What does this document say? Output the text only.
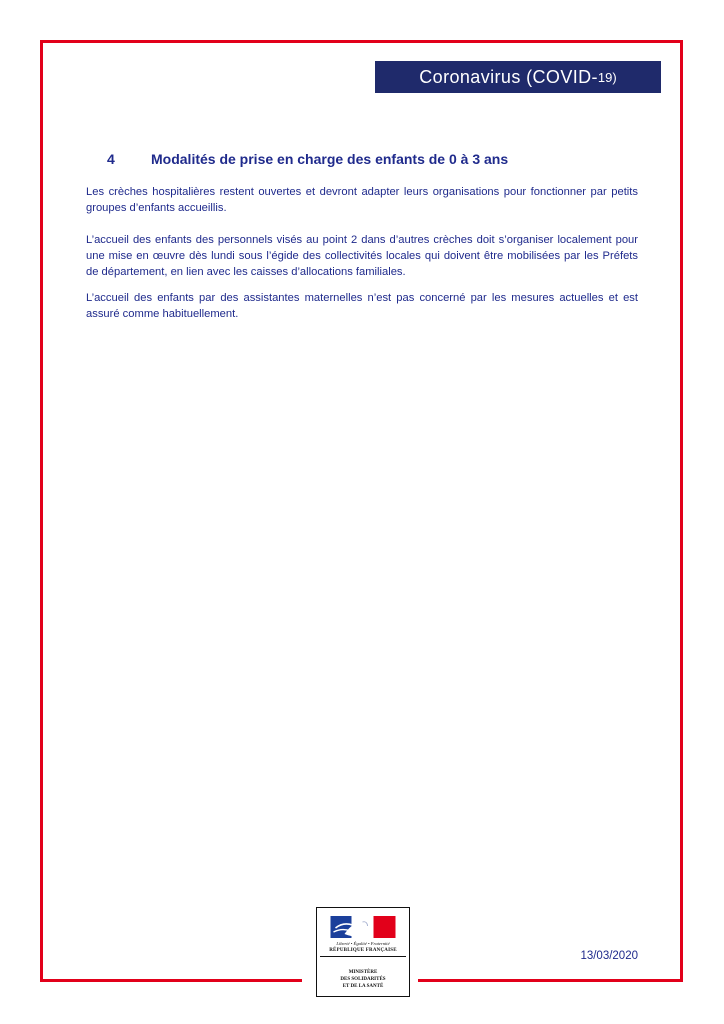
Coronavirus (COVID- 19)
4	Modalités de prise en charge des enfants de 0 à 3 ans
Les crèches hospitalières restent ouvertes et devront adapter leurs organisations pour fonctionner par petits groupes d’enfants accueillis.
L’accueil des enfants des personnels visés au point 2 dans d’autres crèches doit s’organiser localement pour une mise en œuvre dès lundi sous l’égide des collectivités locales qui doivent être mobilisées par les Préfets de département, en lien avec les caisses d’allocations familiales.
L’accueil des enfants par des assistantes maternelles n’est pas concerné par les mesures actuelles et est assuré comme habituellement.
Liberté • Égalité • Fraternité
RÉPUBLIQUE FRANÇAISE
MINISTÈRE
DES SOLIDARITÉS
ET DE LA SANTÉ
13/03/2020
